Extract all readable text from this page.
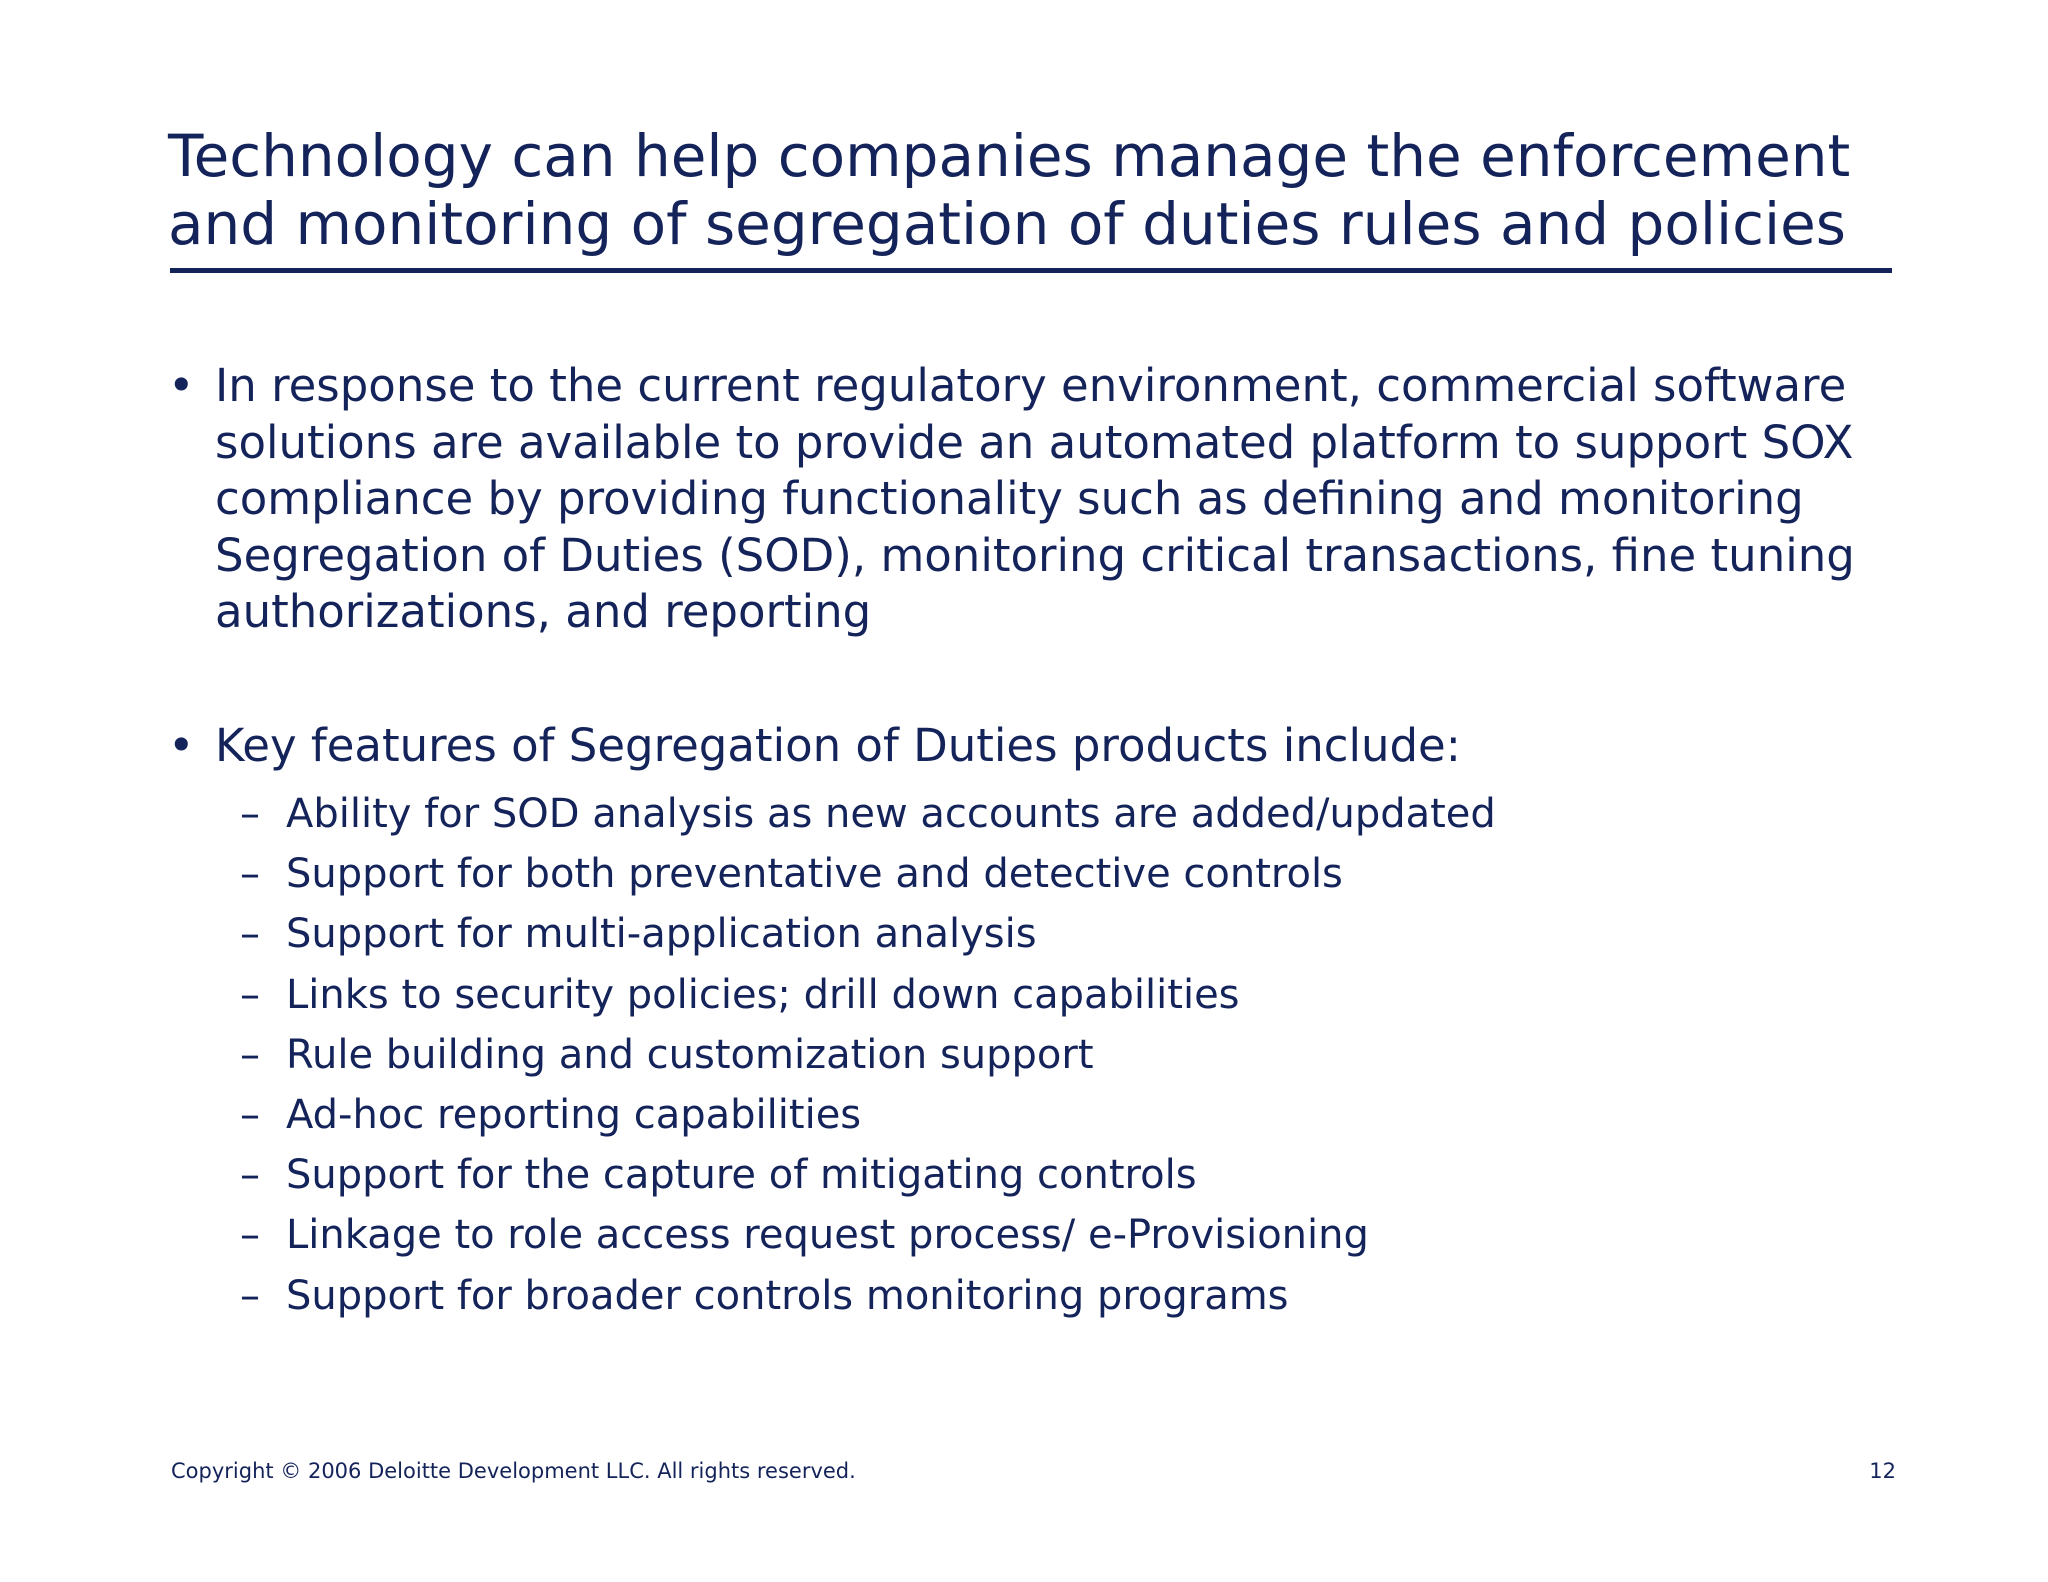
Technology can help companies manage the enforcement and monitoring of segregation of duties rules and policies
• In response to the current regulatory environment, commercial software solutions are available to provide an automated platform to support SOX compliance by providing functionality such as defining and monitoring Segregation of Duties (SOD), monitoring critical transactions, fine tuning authorizations, and reporting
• Key features of Segregation of Duties products include:
– Ability for SOD analysis as new accounts are added/updated
– Support for both preventative and detective controls
– Support for multi-application analysis
– Links to security policies; drill down capabilities
– Rule building and customization support
– Ad-hoc reporting capabilities
– Support for the capture of mitigating controls
– Linkage to role access request process/ e-Provisioning
– Support for broader controls monitoring programs
Copyright © 2006 Deloitte Development LLC. All rights reserved.	12
